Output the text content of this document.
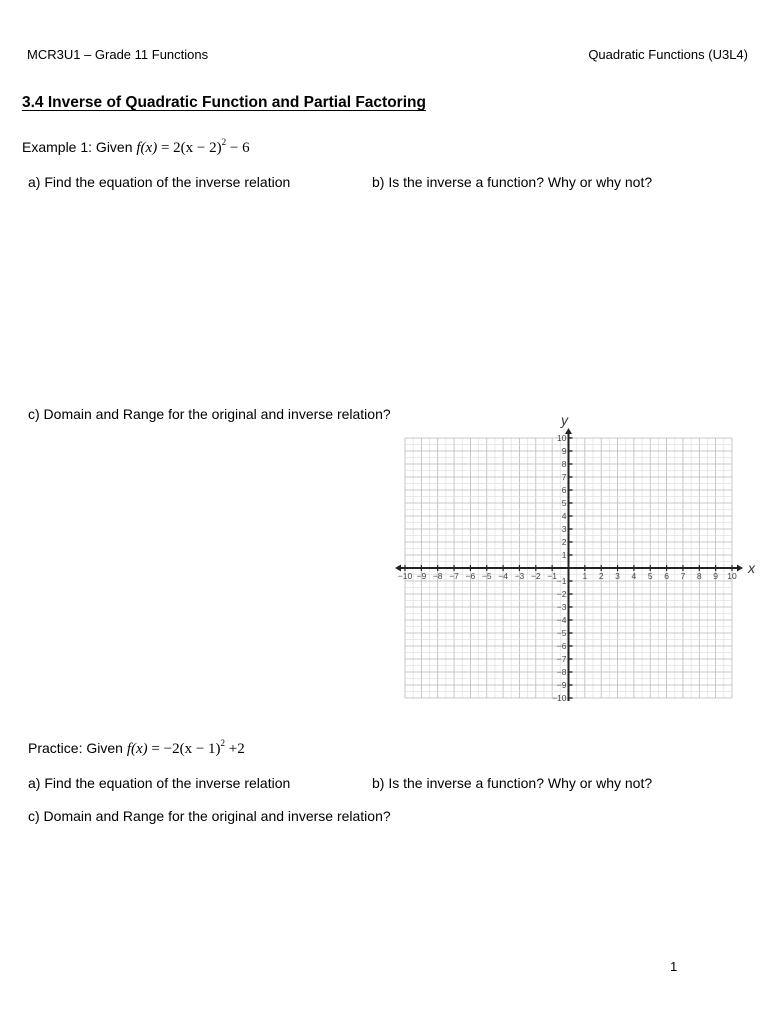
MCR3U1 – Grade 11 Functions	Quadratic Functions (U3L4)
3.4 Inverse of Quadratic Function and Partial Factoring
Example 1: Given $f(x) = 2(x - 2)^2 - 6$
a) Find the equation of the inverse relation	b) Is the inverse a function? Why or why not?
c) Domain and Range for the original and inverse relation?
−10 −9 −8 −7 −6 −5 −4 −3 −2 −1	1 2 3 4 5 6 7 8 9 10
1
2
3
4
5
6
7
8
9
10
−1
−2
−3
−4
−5
−6
−7
−8
−9
−10
x
y
Practice: Given $f(x) = -2(x - 1)^2 +2$
a) Find the equation of the inverse relation	b) Is the inverse a function? Why or why not?
c) Domain and Range for the original and inverse relation?
1
